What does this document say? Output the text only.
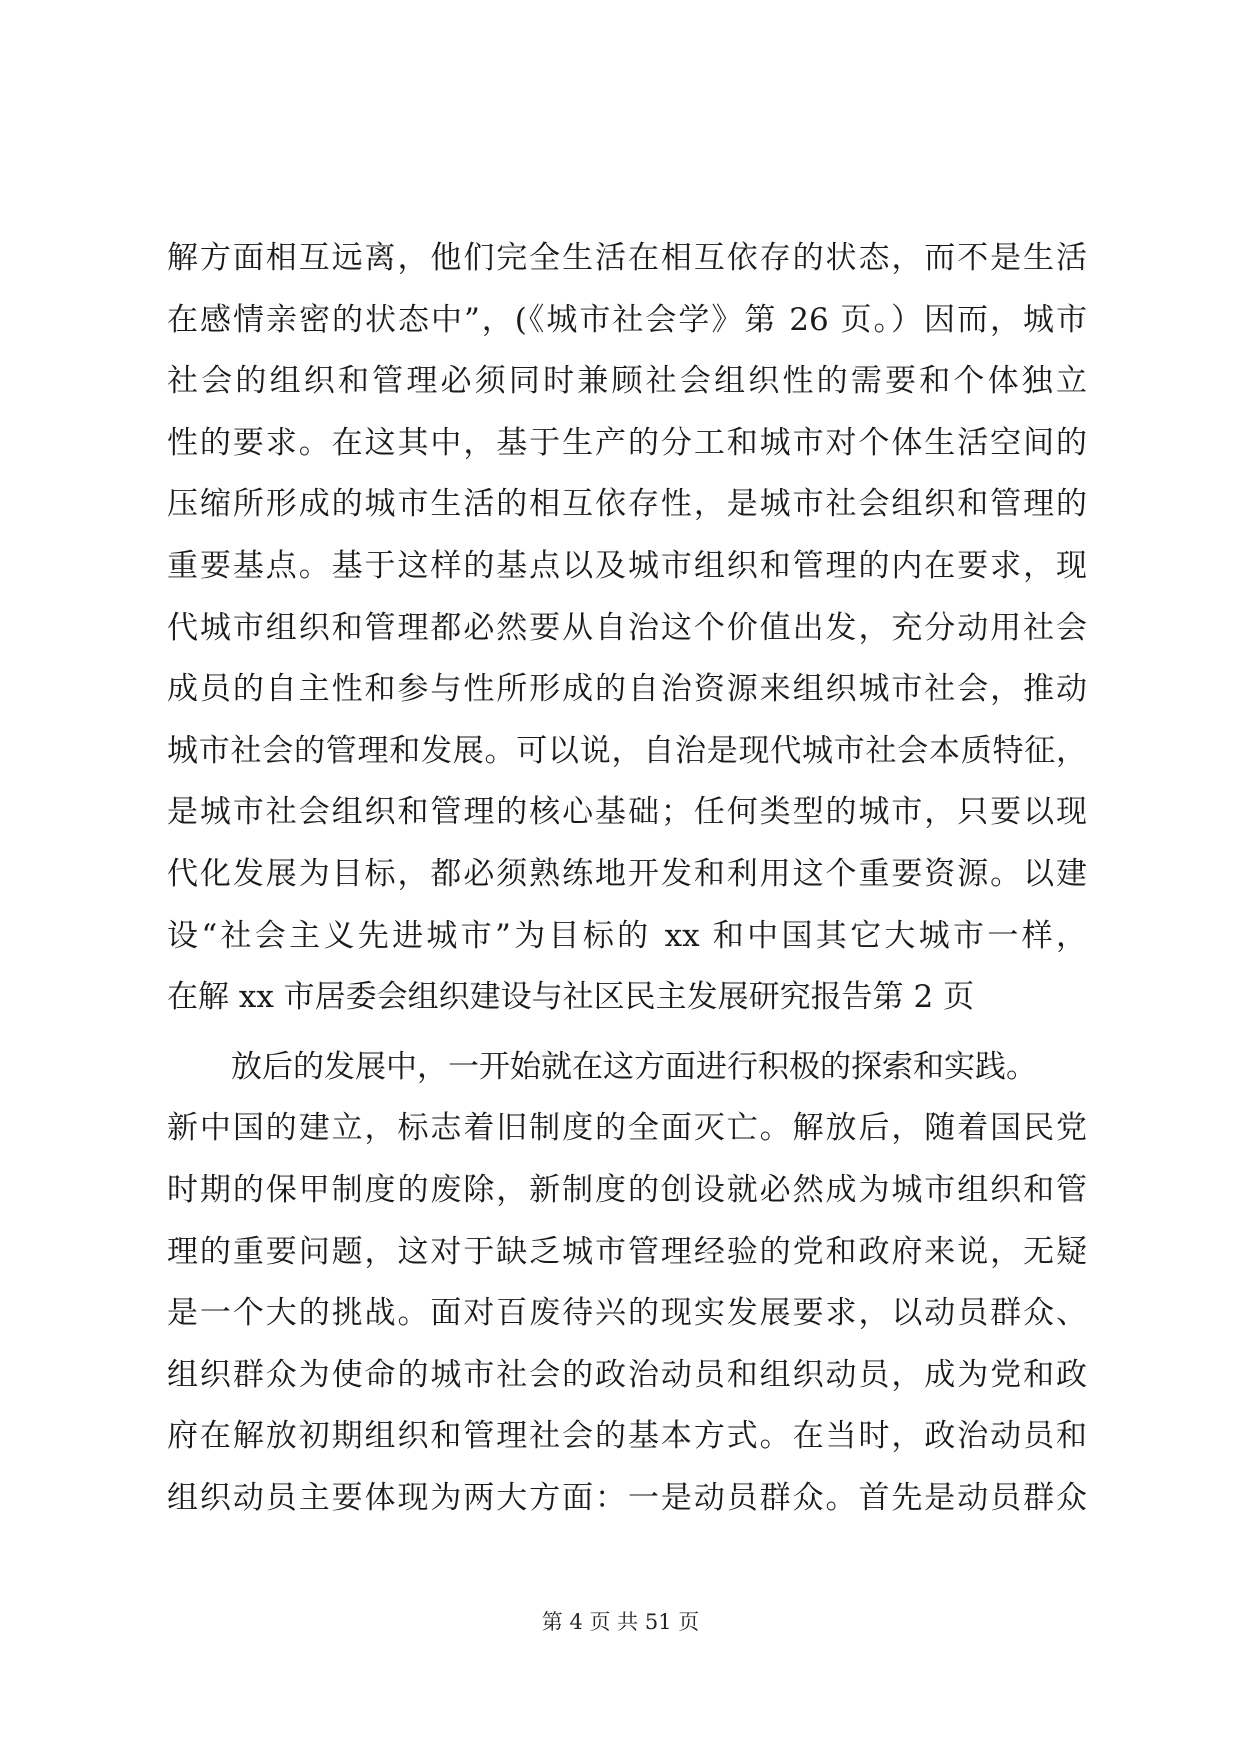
解方面相互远离，他们完全生活在相互依存的状态，而不是生活
在感情亲密的状态中”，(《城市社会学》第 26 页。）因而，城市
社会的组织和管理必须同时兼顾社会组织性的需要和个体独立
性的要求。在这其中，基于生产的分工和城市对个体生活空间的
压缩所形成的城市生活的相互依存性，是城市社会组织和管理的
重要基点。基于这样的基点以及城市组织和管理的内在要求，现
代城市组织和管理都必然要从自治这个价值出发，充分动用社会
成员的自主性和参与性所形成的自治资源来组织城市社会，推动
城市社会的管理和发展。可以说，自治是现代城市社会本质特征，
是城市社会组织和管理的核心基础；任何类型的城市，只要以现
代化发展为目标，都必须熟练地开发和利用这个重要资源。以建
设“社会主义先进城市”为目标的 xx 和中国其它大城市一样，
在解 xx 市居委会组织建设与社区民主发展研究报告第 2 页
放后的发展中，一开始就在这方面进行积极的探索和实践。
新中国的建立，标志着旧制度的全面灭亡。解放后，随着国民党
时期的保甲制度的废除，新制度的创设就必然成为城市组织和管
理的重要问题，这对于缺乏城市管理经验的党和政府来说，无疑
是一个大的挑战。面对百废待兴的现实发展要求，以动员群众、
组织群众为使命的城市社会的政治动员和组织动员，成为党和政
府在解放初期组织和管理社会的基本方式。在当时，政治动员和
组织动员主要体现为两大方面：一是动员群众。首先是动员群众
第 4 页 共 51 页
